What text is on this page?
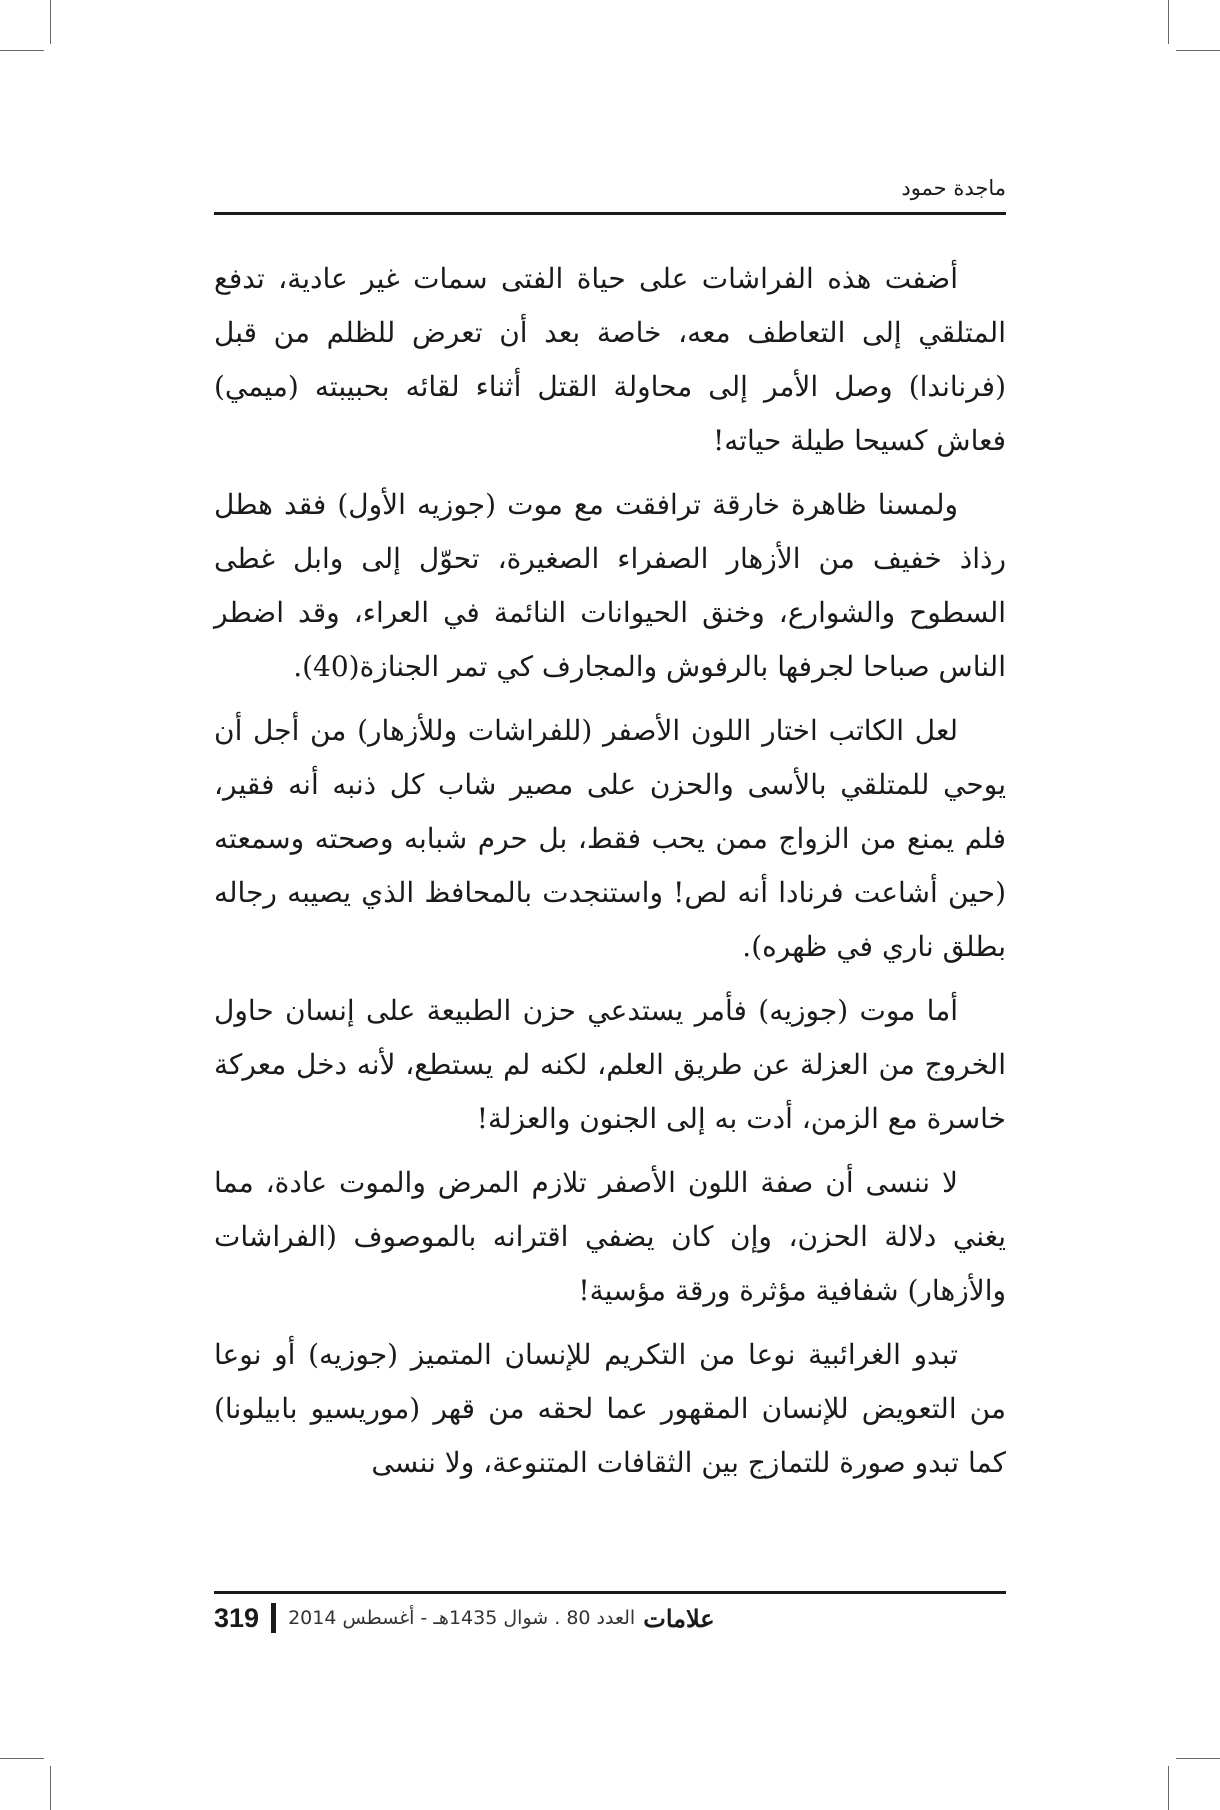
ماجدة حمود

أضفت هذه الفراشات على حياة الفتى سمات غير عادية، تدفع المتلقي إلى التعاطف معه، خاصة بعد أن تعرض للظلم من قبل (فرناندا) وصل الأمر إلى محاولة القتل أثناء لقائه بحبيبته (ميمي) فعاش كسيحا طيلة حياته!

ولمسنا ظاهرة خارقة ترافقت مع موت (جوزيه الأول) فقد هطل رذاذ خفيف من الأزهار الصفراء الصغيرة، تحوّل إلى وابل غطى السطوح والشوارع، وخنق الحيوانات النائمة في العراء، وقد اضطر الناس صباحا لجرفها بالرفوش والمجارف كي تمر الجنازة(40).

لعل الكاتب اختار اللون الأصفر (للفراشات وللأزهار) من أجل أن يوحي للمتلقي بالأسى والحزن على مصير شاب كل ذنبه أنه فقير، فلم يمنع من الزواج ممن يحب فقط، بل حرم شبابه وصحته وسمعته (حين أشاعت فرنادا أنه لص! واستنجدت بالمحافظ الذي يصيبه رجاله بطلق ناري في ظهره).

أما موت (جوزيه) فأمر يستدعي حزن الطبيعة على إنسان حاول الخروج من العزلة عن طريق العلم، لكنه لم يستطع، لأنه دخل معركة خاسرة مع الزمن، أدت به إلى الجنون والعزلة!

لا ننسى أن صفة اللون الأصفر تلازم المرض والموت عادة، مما يغني دلالة الحزن، وإن كان يضفي اقترانه بالموصوف (الفراشات والأزهار) شفافية مؤثرة ورقة مؤسية!

تبدو الغرائبية نوعا من التكريم للإنسان المتميز (جوزيه) أو نوعا من التعويض للإنسان المقهور عما لحقه من قهر (موريسيو بابيلونا) كما تبدو صورة للتمازج بين الثقافات المتنوعة، ولا ننسى

319 العدد 80 . شوال 1435هـ - أغسطس 2014 علامات
